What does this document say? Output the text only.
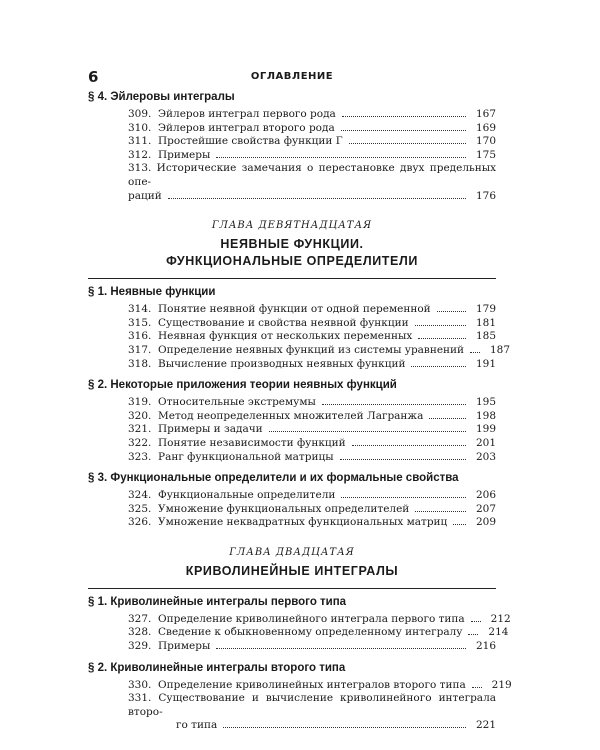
6	ОГЛАВЛЕНИЕ
§ 4. Эйлеровы интегралы
309. Эйлеров интеграл первого рода	167
310. Эйлеров интеграл второго рода	169
311. Простейшие свойства функции Г	170
312. Примеры	175
313. Исторические замечания о перестановке двух предельных опе-
раций	176
ГЛАВА ДЕВЯТНАДЦАТАЯ
НЕЯВНЫЕ ФУНКЦИИ.
ФУНКЦИОНАЛЬНЫЕ ОПРЕДЕЛИТЕЛИ
§ 1. Неявные функции
314. Понятие неявной функции от одной переменной	179
315. Существование и свойства неявной функции	181
316. Неявная функция от нескольких переменных	185
317. Определение неявных функций из системы уравнений	187
318. Вычисление производных неявных функций	191
§ 2. Некоторые приложения теории неявных функций
319. Относительные экстремумы	195
320. Метод неопределенных множителей Лагранжа	198
321. Примеры и задачи	199
322. Понятие независимости функций	201
323. Ранг функциональной матрицы	203
§ 3. Функциональные определители и их формальные свойства
324. Функциональные определители	206
325. Умножение функциональных определителей	207
326. Умножение неквадратных функциональных матриц	209
ГЛАВА ДВАДЦАТАЯ
КРИВОЛИНЕЙНЫЕ ИНТЕГРАЛЫ
§ 1. Криволинейные интегралы первого типа
327. Определение криволинейного интеграла первого типа	212
328. Сведение к обыкновенному определенному интегралу	214
329. Примеры	216
§ 2. Криволинейные интегралы второго типа
330. Определение криволинейных интегралов второго типа	219
331. Существование и вычисление криволинейного интеграла второ-
го типа	221
